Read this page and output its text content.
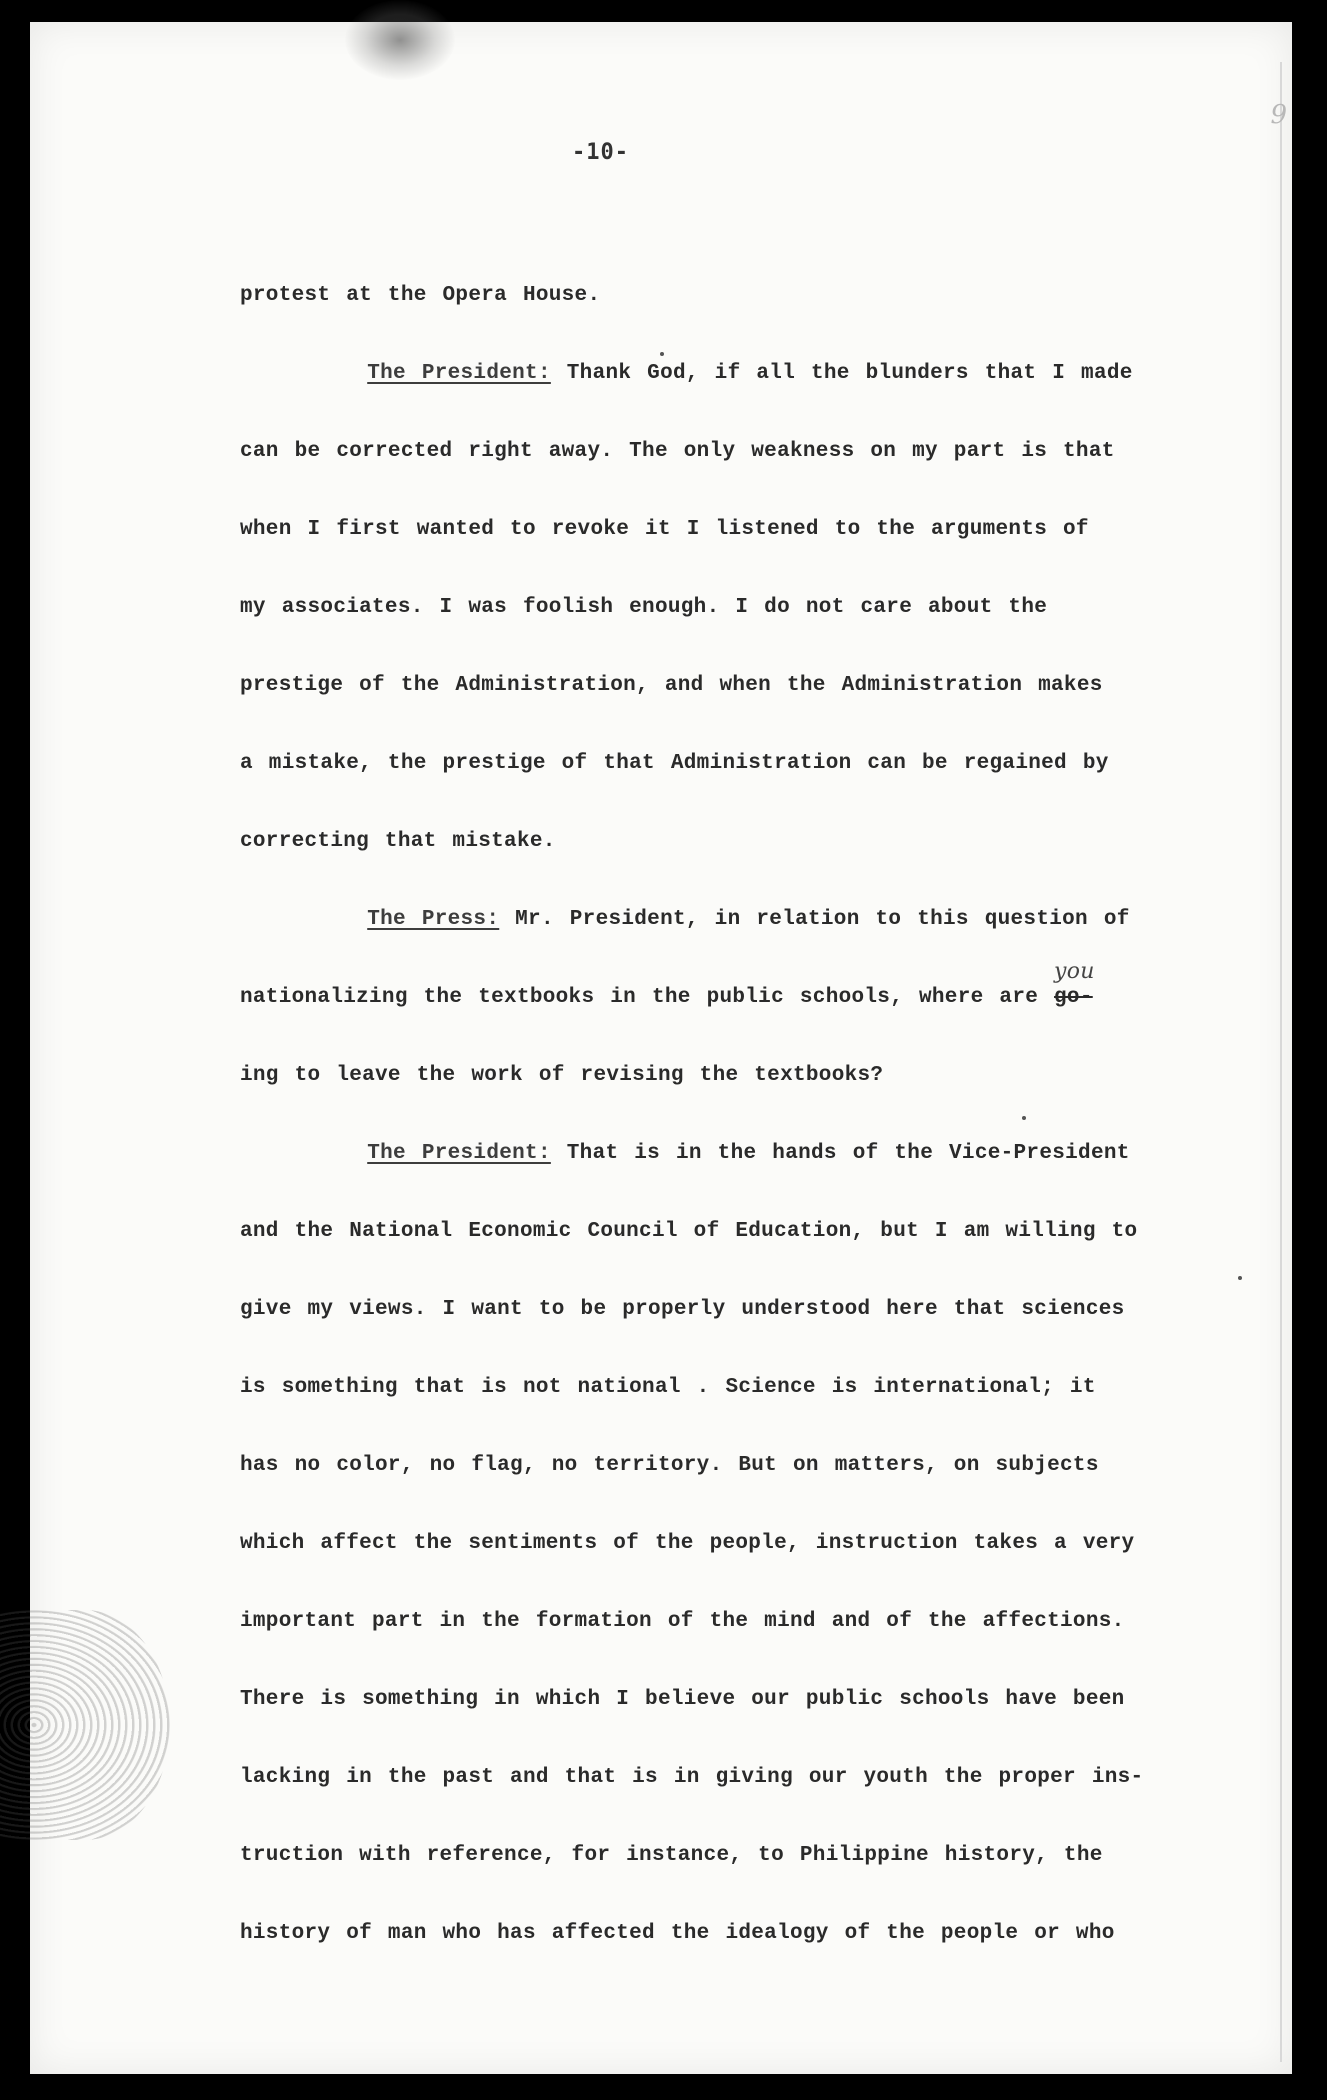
-10-
9
protest at the Opera House.
The President: Thank God, if all the blunders that I made
can be corrected right away. The only weakness on my part is that
when I first wanted to revoke it I listened to the arguments of
my associates. I was foolish enough. I do not care about the
prestige of the Administration, and when the Administration makes
a mistake, the prestige of that Administration can be regained by
correcting that mistake.
The Press: Mr. President, in relation to this question of
nationalizing the textbooks in the public schools, where are
you
go-
ing to leave the work of revising the textbooks?
The President: That is in the hands of the Vice-President
and the National Economic Council of Education, but I am willing to
give my views. I want to be properly understood here that sciences
is something that is not national . Science is international; it
has no color, no flag, no territory. But on matters, on subjects
which affect the sentiments of the people, instruction takes a very
important part in the formation of the mind and of the affections.
There is something in which I believe our public schools have been
lacking in the past and that is in giving our youth the proper ins-
truction with reference, for instance, to Philippine history, the
history of man who has affected the idealogy of the people or who
